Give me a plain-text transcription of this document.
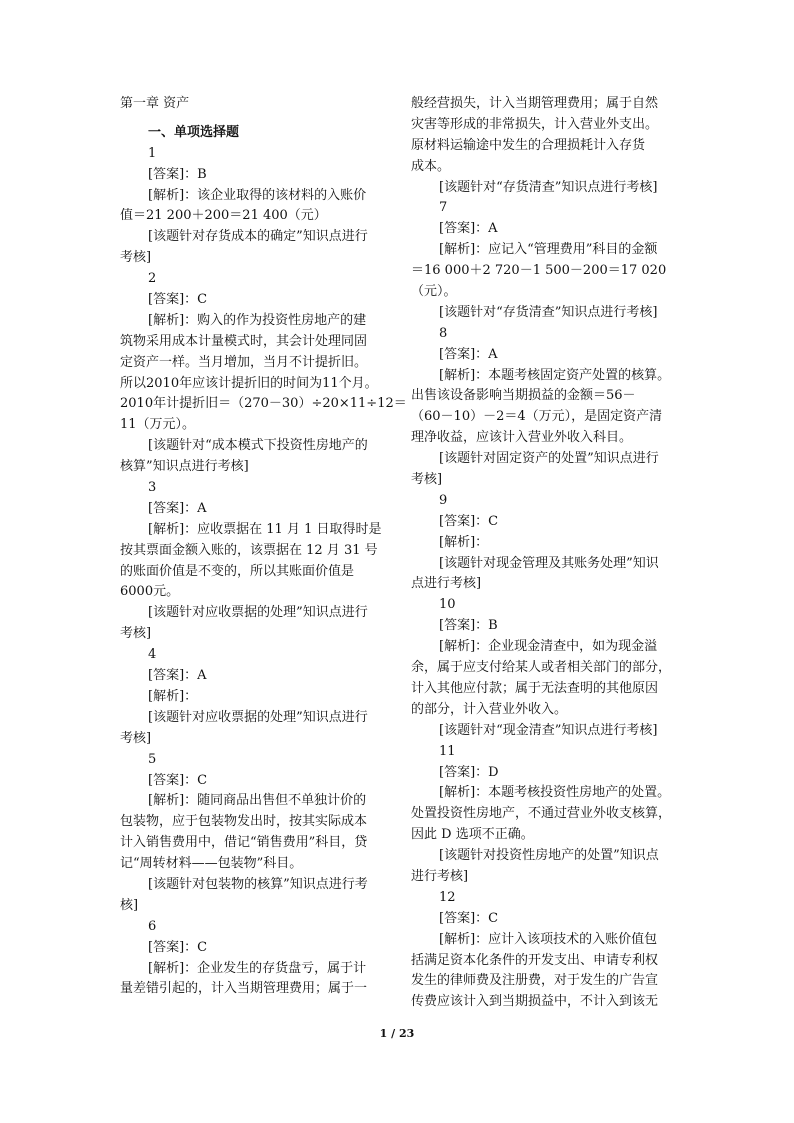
第一章 资产
一、单项选择题
1
[答案]：B
[解析]：该企业取得的该材料的入账价
值＝21 200＋200＝21 400（元）
[该题针对存货成本的确定”知识点进行
考核]
2
[答案]：C
[解析]：购入的作为投资性房地产的建
筑物采用成本计量模式时，其会计处理同固
定资产一样。当月增加，当月不计提折旧。
所以2010年应该计提折旧的时间为11个月。
2010年计提折旧＝（270－30）÷20×11÷12＝
11（万元）。
[该题针对“成本模式下投资性房地产的
核算”知识点进行考核]
3
[答案]：A
[解析]：应收票据在 11 月 1 日取得时是
按其票面金额入账的，该票据在 12 月 31 号
的账面价值是不变的，所以其账面价值是
6000元。
[该题针对应收票据的处理”知识点进行
考核]
4
[答案]：A
[解析]：
[该题针对应收票据的处理”知识点进行
考核]
5
[答案]：C
[解析]：随同商品出售但不单独计价的
包装物，应于包装物发出时，按其实际成本
计入销售费用中，借记“销售费用”科目，贷
记“周转材料——包装物”科目。
[该题针对包装物的核算”知识点进行考
核]
6
[答案]：C
[解析]：企业发生的存货盘亏，属于计
量差错引起的，计入当期管理费用；属于一
般经营损失，计入当期管理费用；属于自然
灾害等形成的非常损失，计入营业外支出。
原材料运输途中发生的合理损耗计入存货
成本。
[该题针对“存货清查”知识点进行考核]
7
[答案]：A
[解析]：应记入“管理费用”科目的金额
＝16 000＋2 720－1 500－200＝17 020
（元）。
[该题针对“存货清查”知识点进行考核]
8
[答案]：A
[解析]：本题考核固定资产处置的核算。
出售该设备影响当期损益的金额＝56－
（60－10）－2＝4（万元），是固定资产清
理净收益，应该计入营业外收入科目。
[该题针对固定资产的处置”知识点进行
考核]
9
[答案]：C
[解析]：
[该题针对现金管理及其账务处理”知识
点进行考核]
10
[答案]：B
[解析]：企业现金清查中，如为现金溢
余，属于应支付给某人或者相关部门的部分，
计入其他应付款；属于无法查明的其他原因
的部分，计入营业外收入。
[该题针对“现金清查”知识点进行考核]
11
[答案]：D
[解析]：本题考核投资性房地产的处置。
处置投资性房地产，不通过营业外收支核算，
因此 D 选项不正确。
[该题针对投资性房地产的处置”知识点
进行考核]
12
[答案]：C
[解析]：应计入该项技术的入账价值包
括满足资本化条件的开发支出、申请专利权
发生的律师费及注册费，对于发生的广告宣
传费应该计入到当期损益中，不计入到该无
1 / 23
